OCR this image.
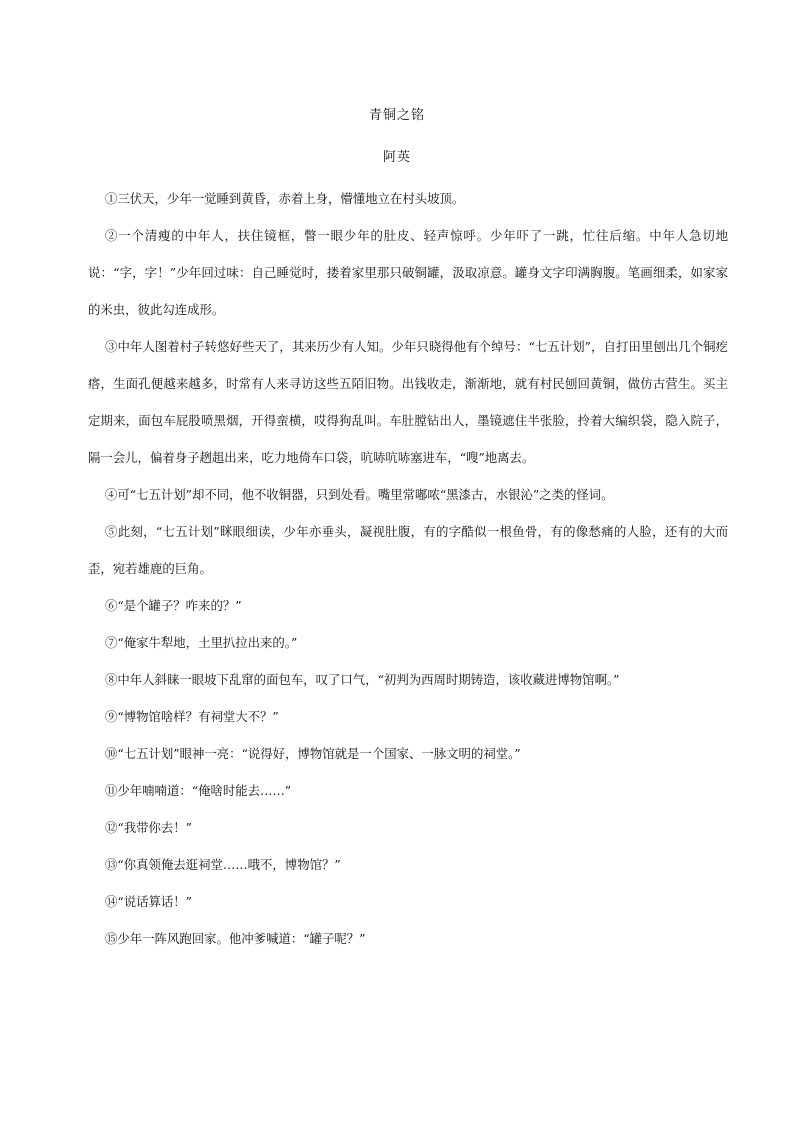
青铜之铭
阿英

①三伏天，少年一觉睡到黄昏，赤着上身，懵懂地立在村头坡顶。

②一个清瘦的中年人，扶住镜框，瞥一眼少年的肚皮、轻声惊呼。少年吓了一跳，忙往后缩。中年人急切地说：“字，字！”少年回过味：自己睡觉时，搂着家里那只破铜罐，汲取凉意。罐身文字印满胸腹。笔画细柔，如家家的米虫，彼此勾连成形。

③中年人图着村子转悠好些天了，其来历少有人知。少年只晓得他有个绰号：“七五计划”，自打田里刨出几个铜疙瘩，生面孔便越来越多，时常有人来寻访这些五陌旧物。出钱收走，渐渐地，就有村民刨回黄铜，做仿古营生。买主定期来，面包车屁股喷黑烟，开得蛮横，哎得狗乱叫。车肚膛钻出人，墨镜遮住半张脸，拎着大编织袋，隐入院子，隔一会儿，偏着身子趔趄出来，吃力地倚车口袋，吭哧吭哧塞进车，“嗖”地离去。

④可“七五计划”却不同，他不收铜器，只到处看。嘴里常嘟哝“黑漆古，水银沁”之类的怪词。

⑤此刻，“七五计划”眯眼细读，少年亦垂头，凝视肚腹，有的字酷似一根鱼骨，有的像愁痛的人脸，还有的大而歪，宛若雄鹿的巨角。

⑥“是个罐子？咋来的？”

⑦“俺家牛犁地，土里扒拉出来的。”

⑧中年人斜睐一眼坡下乱窜的面包车，叹了口气，“初判为西周时期铸造，该收藏进博物馆啊。”

⑨“博物馆啥样？有祠堂大不？”

⑩“七五计划”眼神一亮：“说得好，博物馆就是一个国家、一脉文明的祠堂。”

⑪少年喃喃道：“俺啥时能去……”

⑫“我带你去！”

⑬“你真领俺去逛祠堂……哦不，博物馆？”

⑭“说话算话！”

⑮少年一阵风跑回家。他冲爹喊道：“罐子呢？”
